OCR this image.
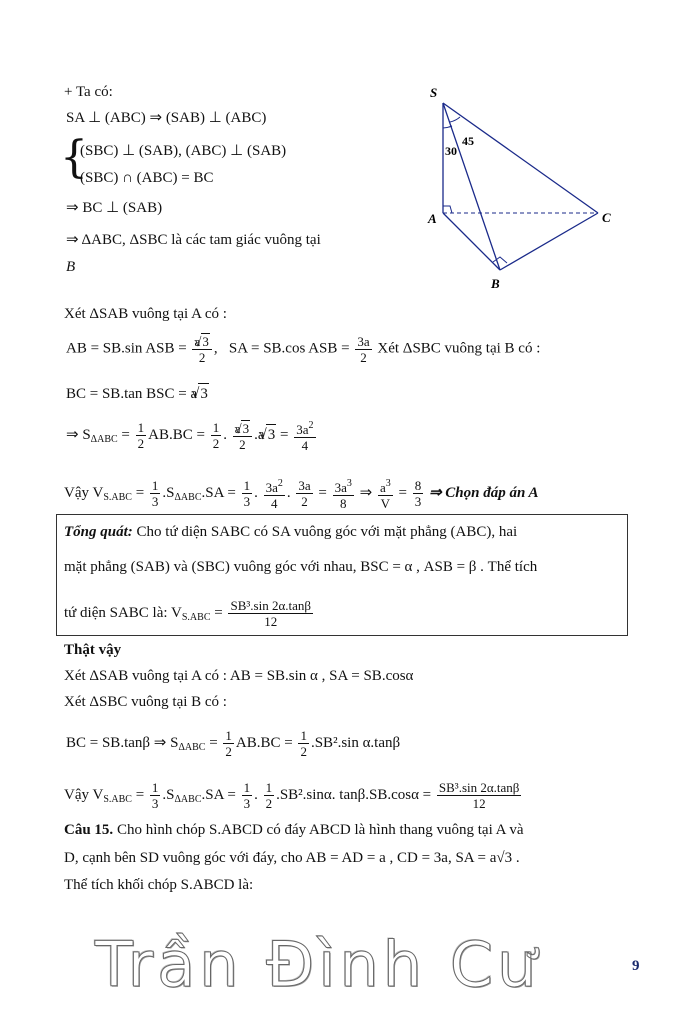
S
A
B
C
45
30
+ Ta có:
SA ⊥ (ABC) ⇒ (SAB) ⊥ (ABC)
{
(SBC) ⊥ (SAB), (ABC) ⊥ (SAB)
(SBC) ∩ (ABC) = BC
⇒ BC ⊥ (SAB)
⇒ ΔABC, ΔSBC là các tam giác vuông tại
B
Xét ΔSAB vuông tại A có :
AB = SB.sin ASB = $\frac{a√ 3}{2}$ ,   SA = SB.cos ASB = $\frac{3a}{2}$ Xét ΔSBC vuông tại B có :
BC = SB.tan BSC = a√ 3
⇒ $S_{\Delta ABC} = \frac{1}{2} AB.BC = \frac{1}{2}$ . $\frac{a√ 3}{2} .a√$ $3 = \frac{3a^2}{4}$
Vậy $V_{S.ABC} = \frac{1}{3} .S_{\Delta ABC}.SA = \frac{1}{3}$ . $\frac{3a^2}{4}$ . $\frac{3a}{2} = \frac{3a^3}{8}$ ⇒ $\frac{a^3}{V} = \frac{8}{3}$ ⇒ Chọn đáp án A
Tổng quát: Cho tứ diện SABC có SA vuông góc với mặt phẳng (ABC), hai
mặt phẳng (SAB) và (SBC) vuông góc với nhau, BSC = α , ASB = β . Thể tích
tứ diện SABC là: $V_{S.ABC} = \frac{\text{SB³.sin 2α.tanβ}}{12}$
Thật vậy
Xét ΔSAB vuông tại A có : AB = SB.sin α , SA = SB.cosα
Xét ΔSBC vuông tại B có :
BC = SB.tanβ ⇒ $S_{\Delta ABC} = \frac{1}{2} AB.BC = \frac{1}{2} .SB^2.\sin$ α.tanβ
Vậy $V_{S.ABC} = \frac{1}{3} .S_{\Delta ABC}.SA = \frac{1}{3}$ . $\frac{1}{2} .SB^2.\sin\alpha$. $\tan\beta.SB.\cos\alpha = \frac{\text{SB³.sin 2α.tanβ}}{12}$
Câu 15. Cho hình chóp S.ABCD có đáy ABCD là hình thang vuông tại A và
D, cạnh bên SD vuông góc với đáy, cho AB = AD = a , CD = 3a, SA = a√3 .
Thể tích khối chóp S.ABCD là:
Trần Đình Cư	9
